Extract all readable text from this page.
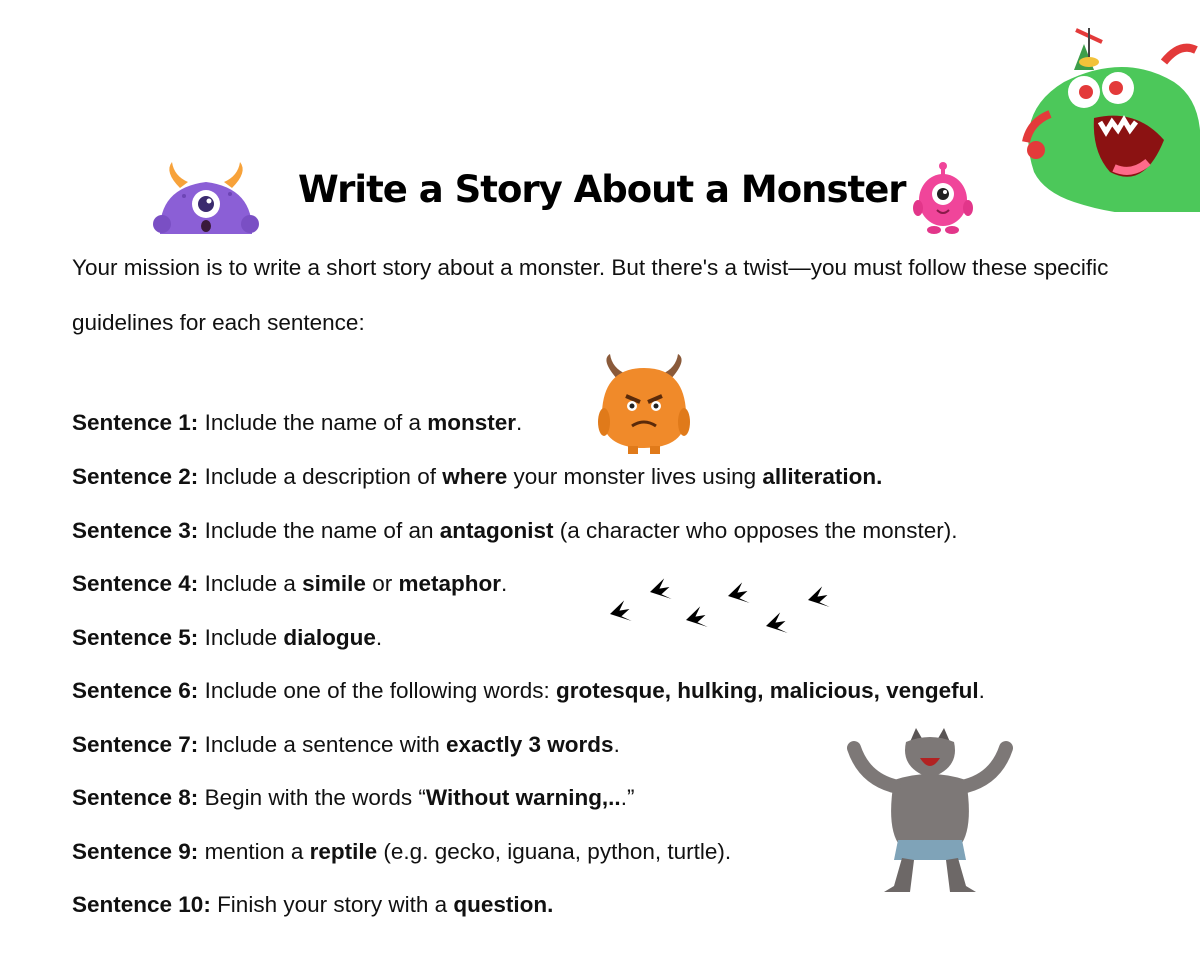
Write a Story About a Monster
Your mission is to write a short story about a monster. But there's a twist—you must follow these specific guidelines for each sentence:
Sentence 1: Include the name of a monster.
Sentence 2: Include a description of where your monster lives using alliteration.
Sentence 3: Include the name of an antagonist (a character who opposes the monster).
Sentence 4: Include a simile or metaphor.
Sentence 5: Include dialogue.
Sentence 6: Include one of the following words: grotesque, hulking, malicious, vengeful.
Sentence 7: Include a sentence with exactly 3 words.
Sentence 8: Begin with the words “Without warning,...”
Sentence 9: mention a reptile (e.g. gecko, iguana, python, turtle).
Sentence 10: Finish your story with a question.
